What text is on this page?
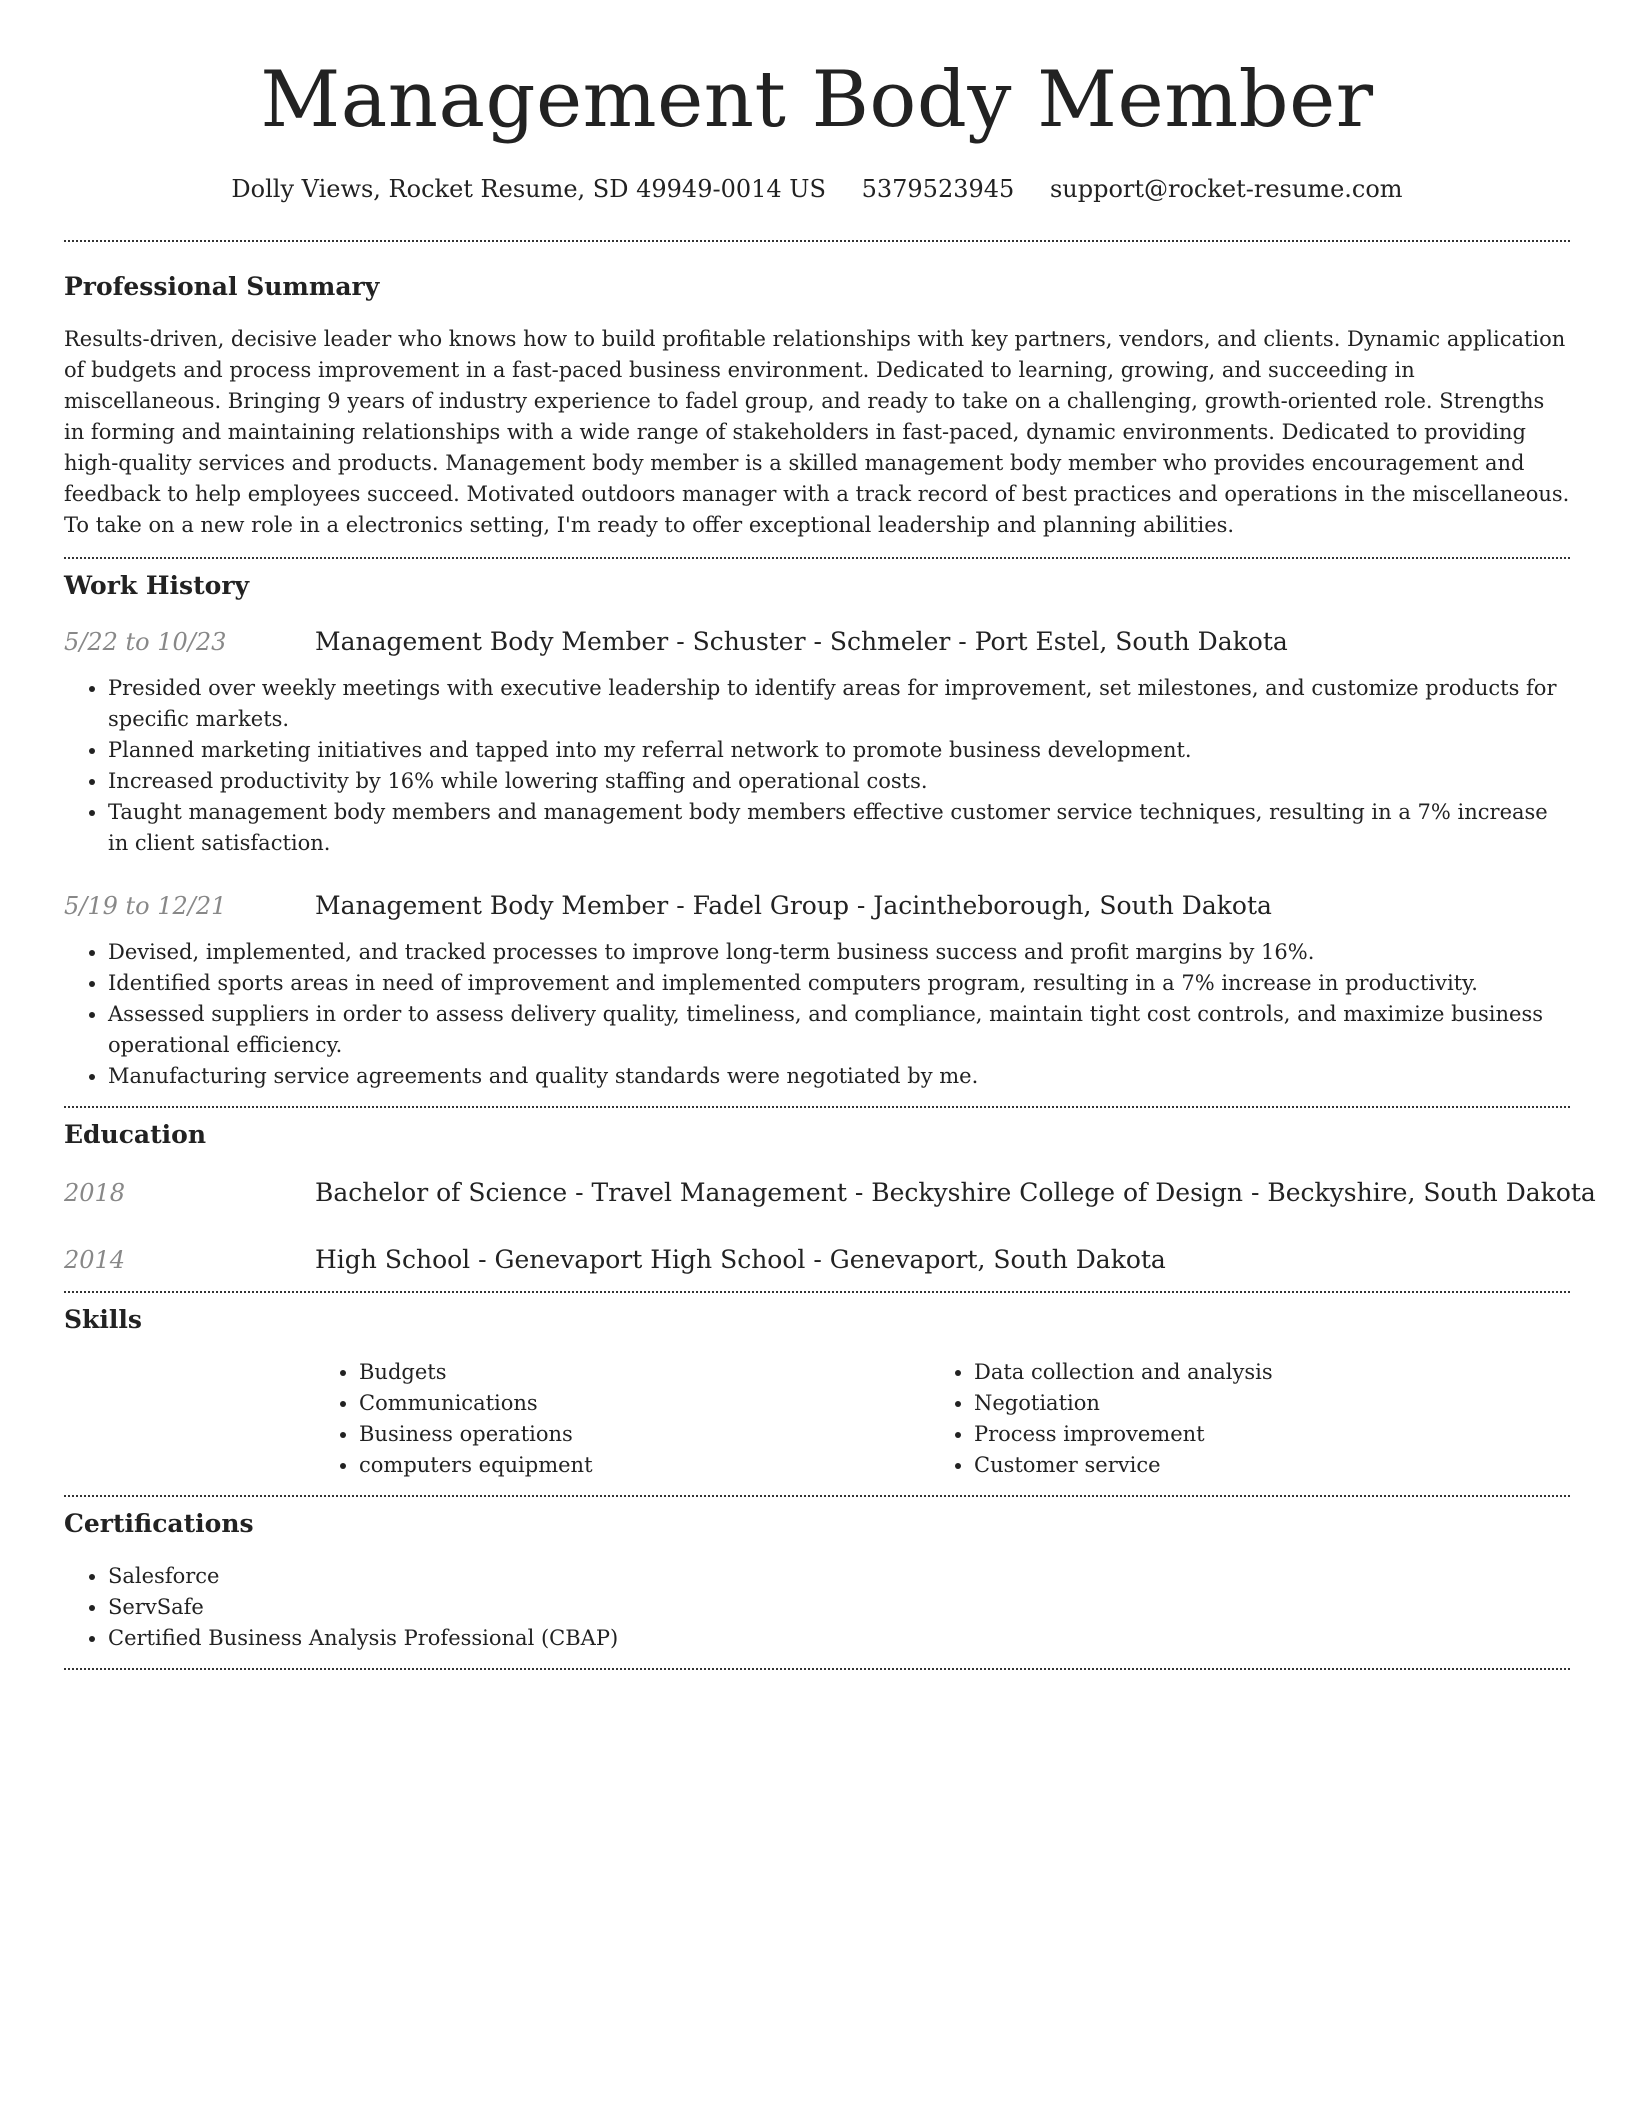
Management Body Member
Dolly Views, Rocket Resume, SD 49949-0014 US 5379523945 support@rocket-resume.com
Professional Summary

Results-driven, decisive leader who knows how to build profitable relationships with key partners, vendors, and clients. Dynamic application of budgets and process improvement in a fast-paced business environment. Dedicated to learning, growing, and succeeding in miscellaneous. Bringing 9 years of industry experience to fadel group, and ready to take on a challenging, growth-oriented role. Strengths in forming and maintaining relationships with a wide range of stakeholders in fast-paced, dynamic environments. Dedicated to providing high-quality services and products. Management body member is a skilled management body member who provides encouragement and feedback to help employees succeed. Motivated outdoors manager with a track record of best practices and operations in the miscellaneous. To take on a new role in a electronics setting, I'm ready to offer exceptional leadership and planning abilities.

Work History
5/22 to 10/23	Management Body Member - Schuster - Schmeler - Port Estel, South Dakota
• Presided over weekly meetings with executive leadership to identify areas for improvement, set milestones, and customize products for specific markets.
• Planned marketing initiatives and tapped into my referral network to promote business development.
• Increased productivity by 16% while lowering staffing and operational costs.
• Taught management body members and management body members effective customer service techniques, resulting in a 7% increase in client satisfaction.
5/19 to 12/21	Management Body Member - Fadel Group - Jacintheborough, South Dakota
• Devised, implemented, and tracked processes to improve long-term business success and profit margins by 16%.
• Identified sports areas in need of improvement and implemented computers program, resulting in a 7% increase in productivity.
• Assessed suppliers in order to assess delivery quality, timeliness, and compliance, maintain tight cost controls, and maximize business operational efficiency.
• Manufacturing service agreements and quality standards were negotiated by me.
Education
2018	Bachelor of Science - Travel Management - Beckyshire College of Design - Beckyshire, South Dakota
2014	High School - Genevaport High School - Genevaport, South Dakota
Skills
• Budgets
• Communications
• Business operations
• computers equipment
• Data collection and analysis
• Negotiation
• Process improvement
• Customer service
Certifications
• Salesforce
• ServSafe
• Certified Business Analysis Professional (CBAP)
